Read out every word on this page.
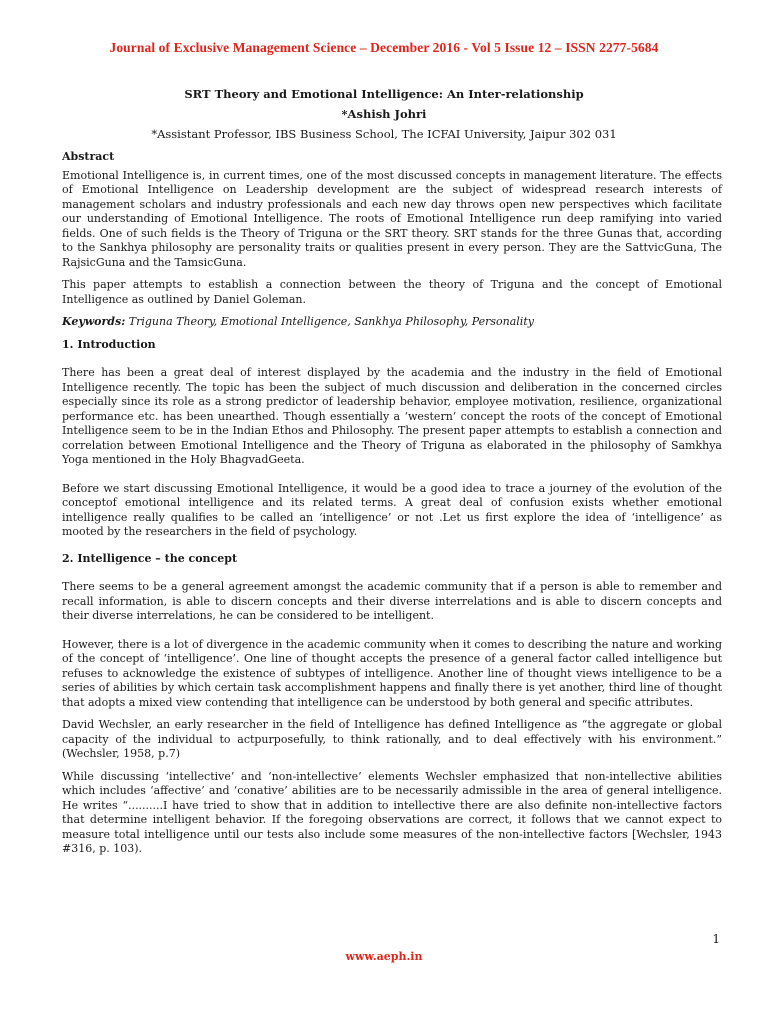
Journal of Exclusive Management Science – December 2016 - Vol 5 Issue 12 – ISSN 2277-5684
SRT Theory and Emotional Intelligence: An Inter-relationship
*Ashish Johri
*Assistant Professor, IBS Business School, The ICFAI University, Jaipur 302 031
Abstract

Emotional Intelligence is, in current times, one of the most discussed concepts in management literature. The effects of Emotional Intelligence on Leadership development are the subject of widespread research interests of management scholars and industry professionals and each new day throws open new perspectives which facilitate our understanding of Emotional Intelligence. The roots of Emotional Intelligence run deep ramifying into varied fields. One of such fields is the Theory of Triguna or the SRT theory. SRT stands for the three Gunas that, according to the Sankhya philosophy are personality traits or qualities present in every person. They are the SattvicGuna, The RajsicGuna and the TamsicGuna.

This paper attempts to establish a connection between the theory of Triguna and the concept of Emotional Intelligence as outlined by Daniel Goleman.

Keywords: Triguna Theory, Emotional Intelligence, Sankhya Philosophy, Personality

1. Introduction

There has been a great deal of interest displayed by the academia and the industry in the field of Emotional Intelligence recently. The topic has been the subject of much discussion and deliberation in the concerned circles especially since its role as a strong predictor of leadership behavior, employee motivation, resilience, organizational performance etc. has been unearthed. Though essentially a ‘western’ concept the roots of the concept of Emotional Intelligence seem to be in the Indian Ethos and Philosophy. The present paper attempts to establish a connection and correlation between Emotional Intelligence and the Theory of Triguna as elaborated in the philosophy of Samkhya Yoga mentioned in the Holy BhagvadGeeta.

Before we start discussing Emotional Intelligence, it would be a good idea to trace a journey of the evolution of the conceptof emotional intelligence and its related terms. A great deal of confusion exists whether emotional intelligence really qualifies to be called an ‘intelligence’ or not .Let us first explore the idea of ‘intelligence’ as mooted by the researchers in the field of psychology.

2. Intelligence – the concept

There seems to be a general agreement amongst the academic community that if a person is able to remember and recall information, is able to discern concepts and their diverse interrelations and is able to discern concepts and their diverse interrelations, he can be considered to be intelligent.

However, there is a lot of divergence in the academic community when it comes to describing the nature and working of the concept of ‘intelligence’. One line of thought accepts the presence of a general factor called intelligence but refuses to acknowledge the existence of subtypes of intelligence. Another line of thought views intelligence to be a series of abilities by which certain task accomplishment happens and finally there is yet another, third line of thought that adopts a mixed view contending that intelligence can be understood by both general and specific attributes.

David Wechsler, an early researcher in the field of Intelligence has defined Intelligence as “the aggregate or global capacity of the individual to actpurposefully, to think rationally, and to deal effectively with his environment.” (Wechsler, 1958, p.7)

While discussing ‘intellective’ and ‘non-intellective’ elements Wechsler emphasized that non-intellective abilities which includes ‘affective’ and ‘conative’ abilities are to be necessarily admissible in the area of general intelligence. He writes “..........I have tried to show that in addition to intellective there are also definite non-intellective factors that determine intelligent behavior. If the foregoing observations are correct, it follows that we cannot expect to measure total intelligence until our tests also include some measures of the non-intellective factors [Wechsler, 1943 #316, p. 103).

1
www.aeph.in
